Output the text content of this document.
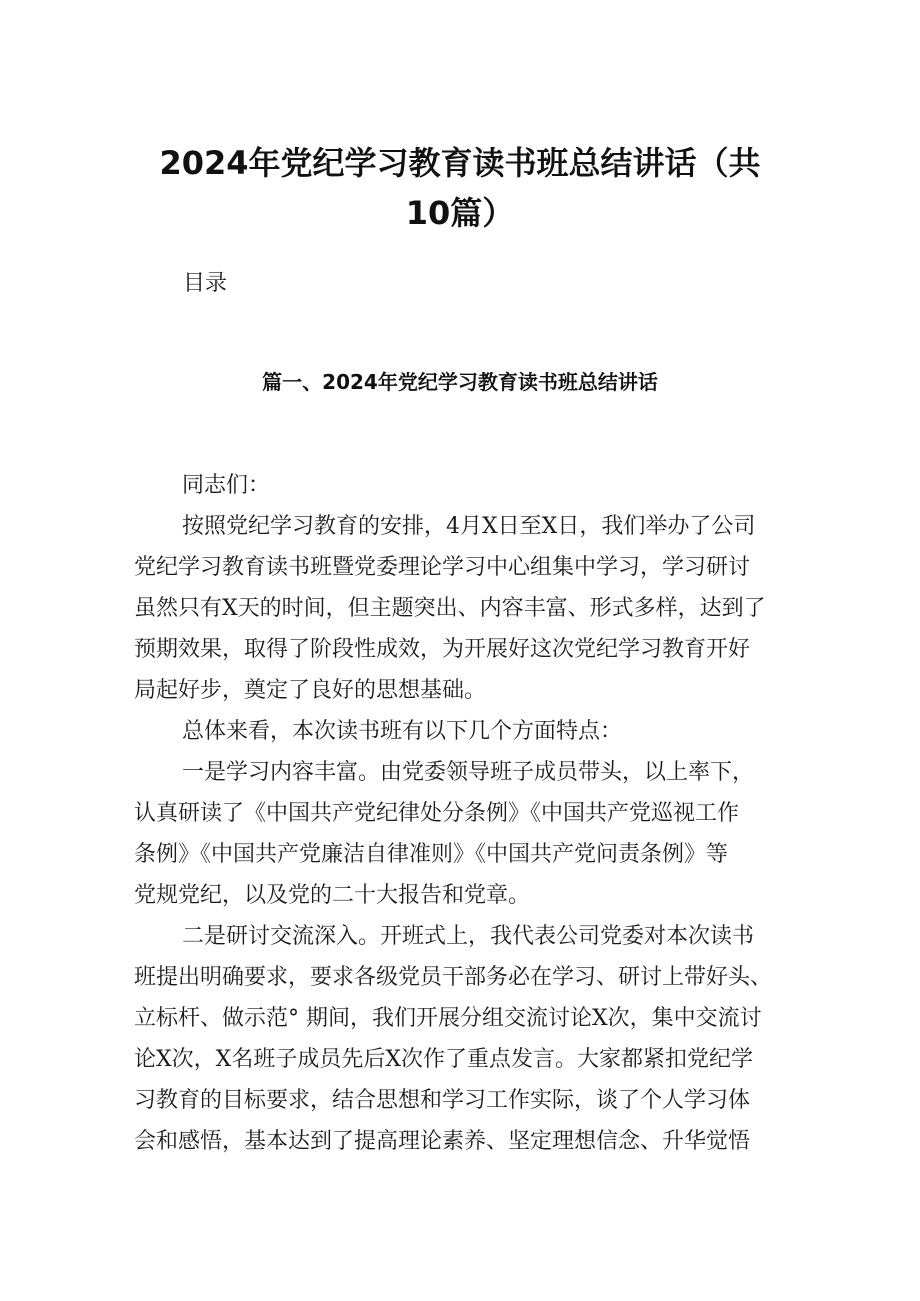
2024年党纪学习教育读书班总结讲话（共
10篇）
目录
篇一、2024年党纪学习教育读书班总结讲话
同志们：
按照党纪学习教育的安排，4月X日至X日，我们举办了公司
党纪学习教育读书班暨党委理论学习中心组集中学习，学习研讨
虽然只有X天的时间，但主题突出、内容丰富、形式多样，达到了
预期效果，取得了阶段性成效，为开展好这次党纪学习教育开好
局起好步，奠定了良好的思想基础。
总体来看，本次读书班有以下几个方面特点：
一是学习内容丰富。由党委领导班子成员带头，以上率下，
认真研读了《中国共产党纪律处分条例》《中国共产党巡视工作
条例》《中国共产党廉洁自律准则》《中国共产党问责条例》等
党规党纪，以及党的二十大报告和党章。
二是研讨交流深入。开班式上，我代表公司党委对本次读书
班提出明确要求，要求各级党员干部务必在学习、研讨上带好头、
立标杆、做示范° 期间，我们开展分组交流讨论X次，集中交流讨
论X次，X名班子成员先后X次作了重点发言。大家都紧扣党纪学
习教育的目标要求，结合思想和学习工作实际，谈了个人学习体
会和感悟，基本达到了提高理论素养、坚定理想信念、升华觉悟
